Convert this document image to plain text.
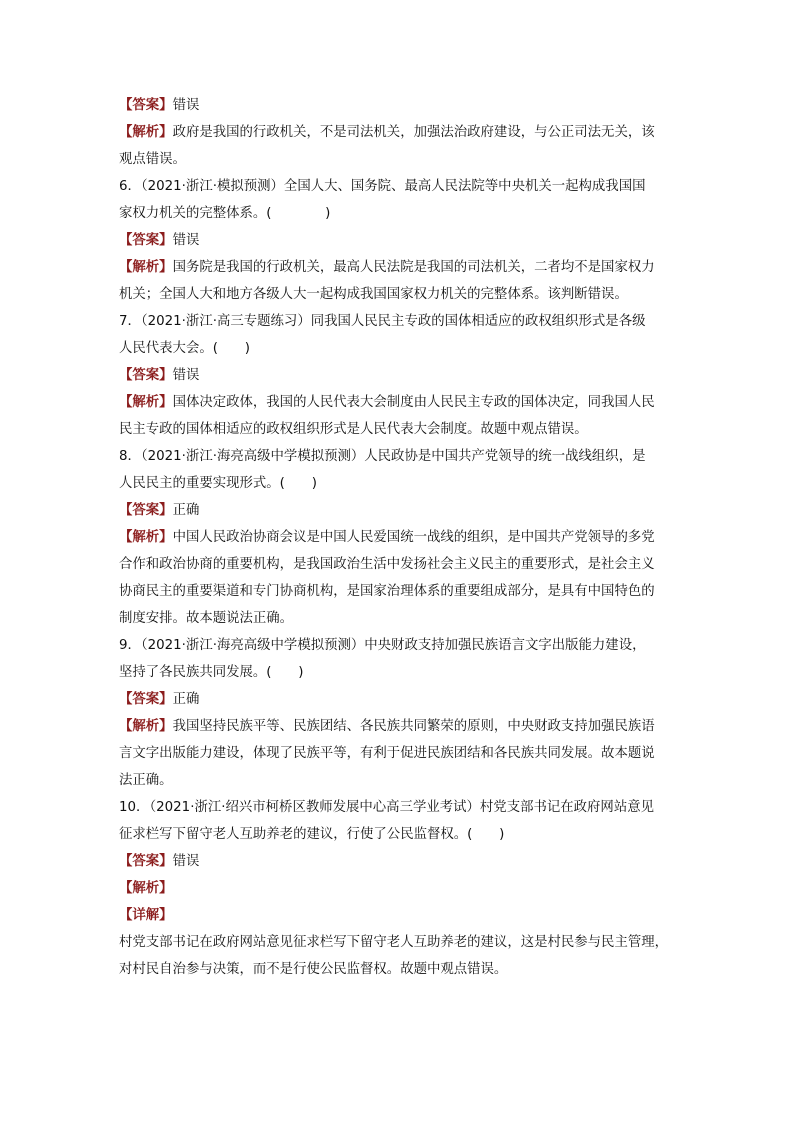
【答案】错误
【解析】政府是我国的行政机关，不是司法机关，加强法治政府建设，与公正司法无关，该
观点错误。
6．（2021·浙江·模拟预测）全国人大、国务院、最高人民法院等中央机关一起构成我国国
家权力机关的完整体系。(　　　　)
【答案】错误
【解析】国务院是我国的行政机关，最高人民法院是我国的司法机关，二者均不是国家权力
机关；全国人大和地方各级人大一起构成我国国家权力机关的完整体系。该判断错误。
7．（2021·浙江·高三专题练习）同我国人民民主专政的国体相适应的政权组织形式是各级
人民代表大会。(　　)
【答案】错误
【解析】国体决定政体，我国的人民代表大会制度由人民民主专政的国体决定，同我国人民
民主专政的国体相适应的政权组织形式是人民代表大会制度。故题中观点错误。
8．（2021·浙江·海亮高级中学模拟预测）人民政协是中国共产党领导的统一战线组织，是
人民民主的重要实现形式。(　　)
【答案】正确
【解析】中国人民政治协商会议是中国人民爱国统一战线的组织，是中国共产党领导的多党
合作和政治协商的重要机构，是我国政治生活中发扬社会主义民主的重要形式，是社会主义
协商民主的重要渠道和专门协商机构，是国家治理体系的重要组成部分，是具有中国特色的
制度安排。故本题说法正确。
9．（2021·浙江·海亮高级中学模拟预测）中央财政支持加强民族语言文字出版能力建设，
坚持了各民族共同发展。(　　)
【答案】正确
【解析】我国坚持民族平等、民族团结、各民族共同繁荣的原则，中央财政支持加强民族语
言文字出版能力建设，体现了民族平等，有利于促进民族团结和各民族共同发展。故本题说
法正确。
10．（2021·浙江·绍兴市柯桥区教师发展中心高三学业考试）村党支部书记在政府网站意见
征求栏写下留守老人互助养老的建议，行使了公民监督权。(　　)
【答案】错误
【解析】
【详解】
村党支部书记在政府网站意见征求栏写下留守老人互助养老的建议，这是村民参与民主管理，
对村民自治参与决策，而不是行使公民监督权。故题中观点错误。
